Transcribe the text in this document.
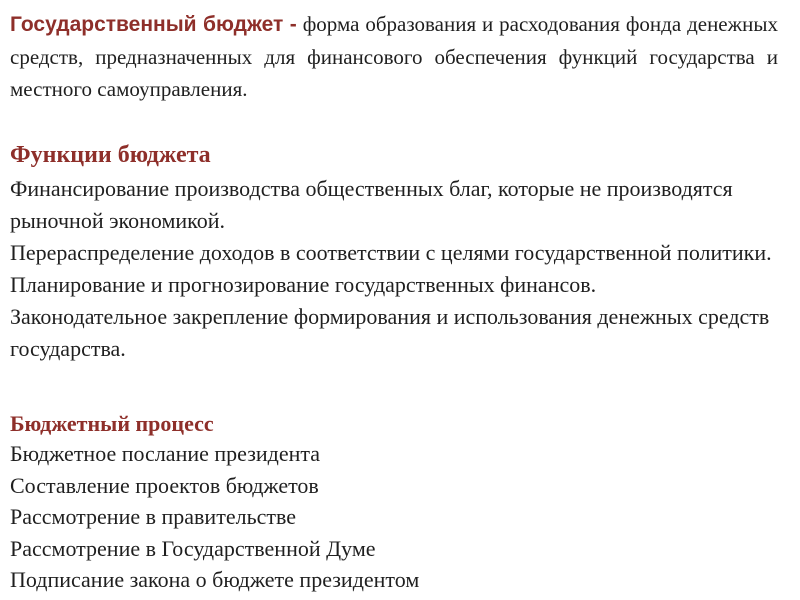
Государственный бюджет - форма образования и расходования фонда денежных средств, предназначенных для финансового обеспечения функций государства и местного самоуправления.

Функции бюджета
Финансирование производства общественных благ, которые не производятся рыночной экономикой.
Перераспределение доходов в соответствии с целями государственной политики.
Планирование и прогнозирование государственных финансов.
Законодательное закрепление формирования и использования денежных средств государства.
Бюджетный процесс
Бюджетное послание президента
Составление проектов бюджетов
Рассмотрение в правительстве
Рассмотрение в Государственной Думе
Подписание закона о бюджете президентом
